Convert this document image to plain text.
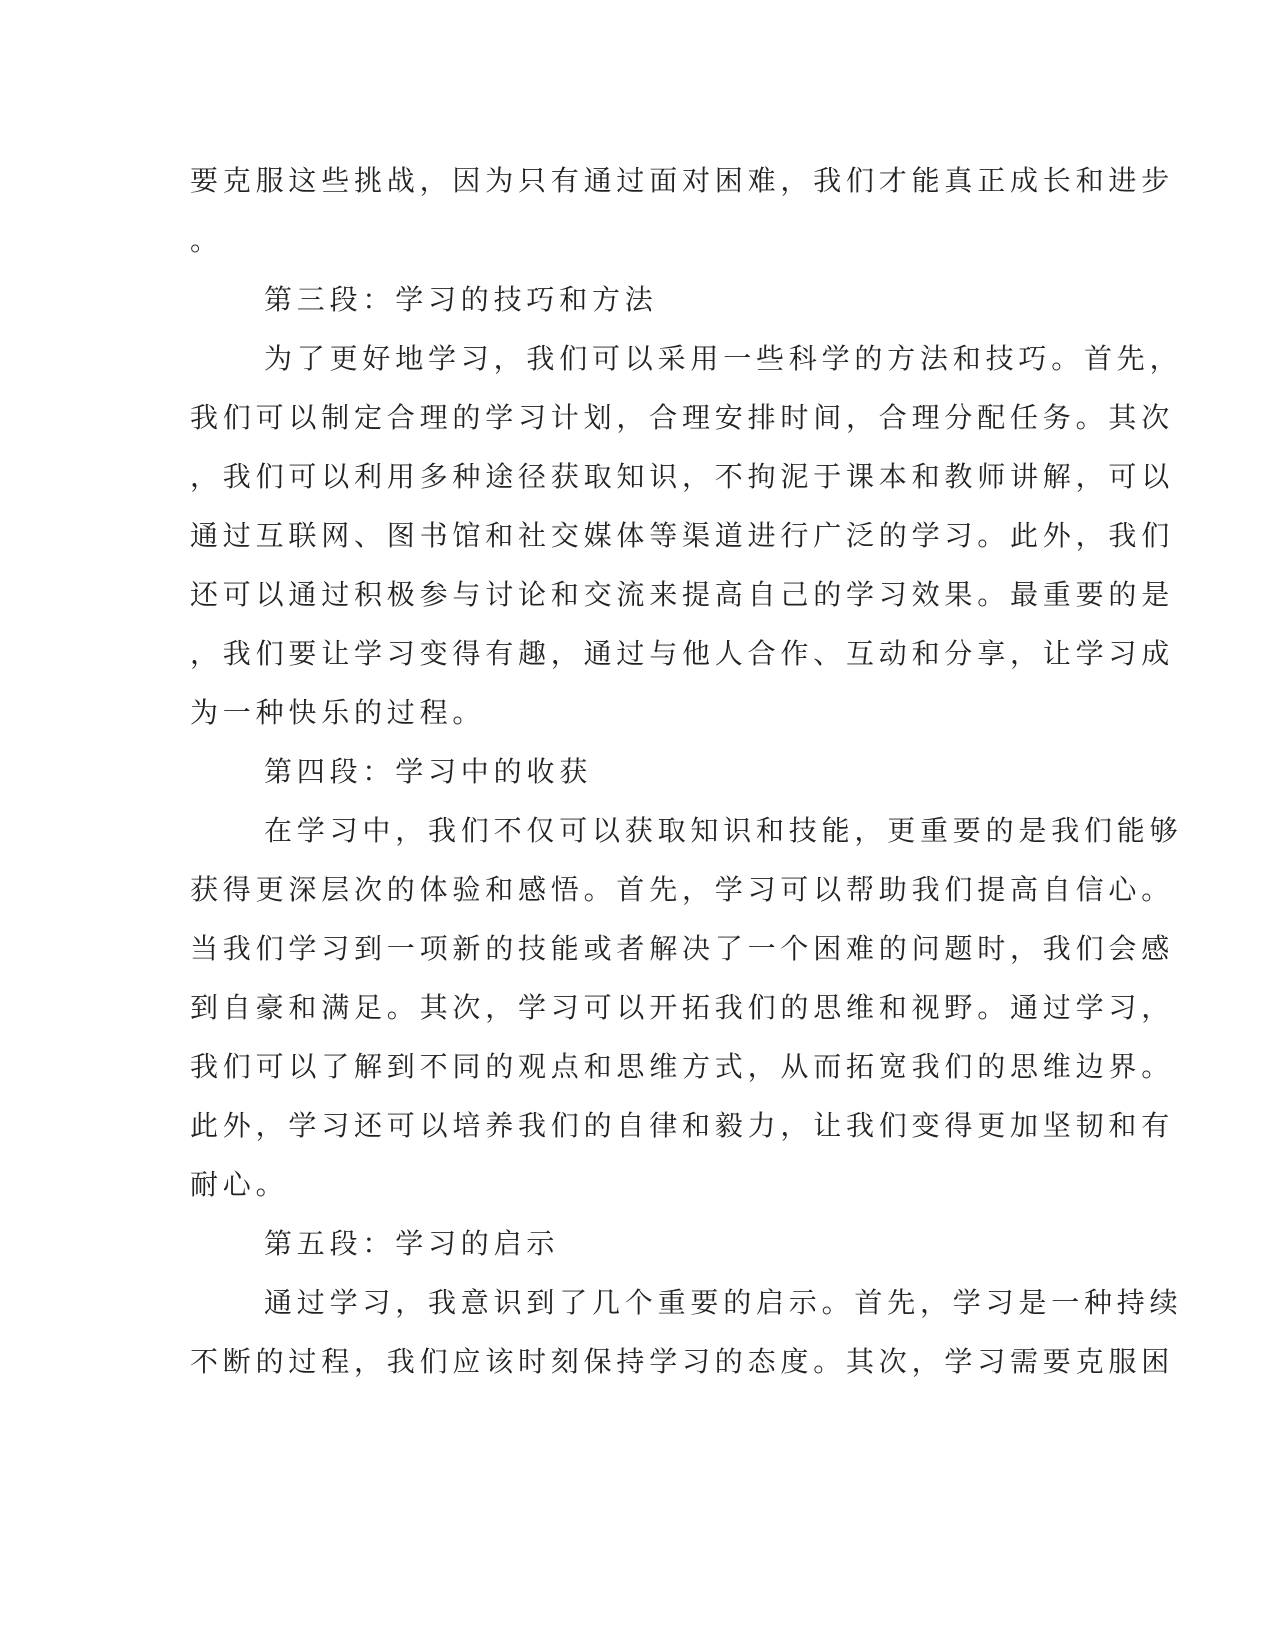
要克服这些挑战，因为只有通过面对困难，我们才能真正成长和进步
。
第三段：学习的技巧和方法
为了更好地学习，我们可以采用一些科学的方法和技巧。首先，
我们可以制定合理的学习计划，合理安排时间，合理分配任务。其次
，我们可以利用多种途径获取知识，不拘泥于课本和教师讲解，可以
通过互联网、图书馆和社交媒体等渠道进行广泛的学习。此外，我们
还可以通过积极参与讨论和交流来提高自己的学习效果。最重要的是
，我们要让学习变得有趣，通过与他人合作、互动和分享，让学习成
为一种快乐的过程。
第四段：学习中的收获
在学习中，我们不仅可以获取知识和技能，更重要的是我们能够
获得更深层次的体验和感悟。首先，学习可以帮助我们提高自信心。
当我们学习到一项新的技能或者解决了一个困难的问题时，我们会感
到自豪和满足。其次，学习可以开拓我们的思维和视野。通过学习，
我们可以了解到不同的观点和思维方式，从而拓宽我们的思维边界。
此外，学习还可以培养我们的自律和毅力，让我们变得更加坚韧和有
耐心。
第五段：学习的启示
通过学习，我意识到了几个重要的启示。首先，学习是一种持续
不断的过程，我们应该时刻保持学习的态度。其次，学习需要克服困
